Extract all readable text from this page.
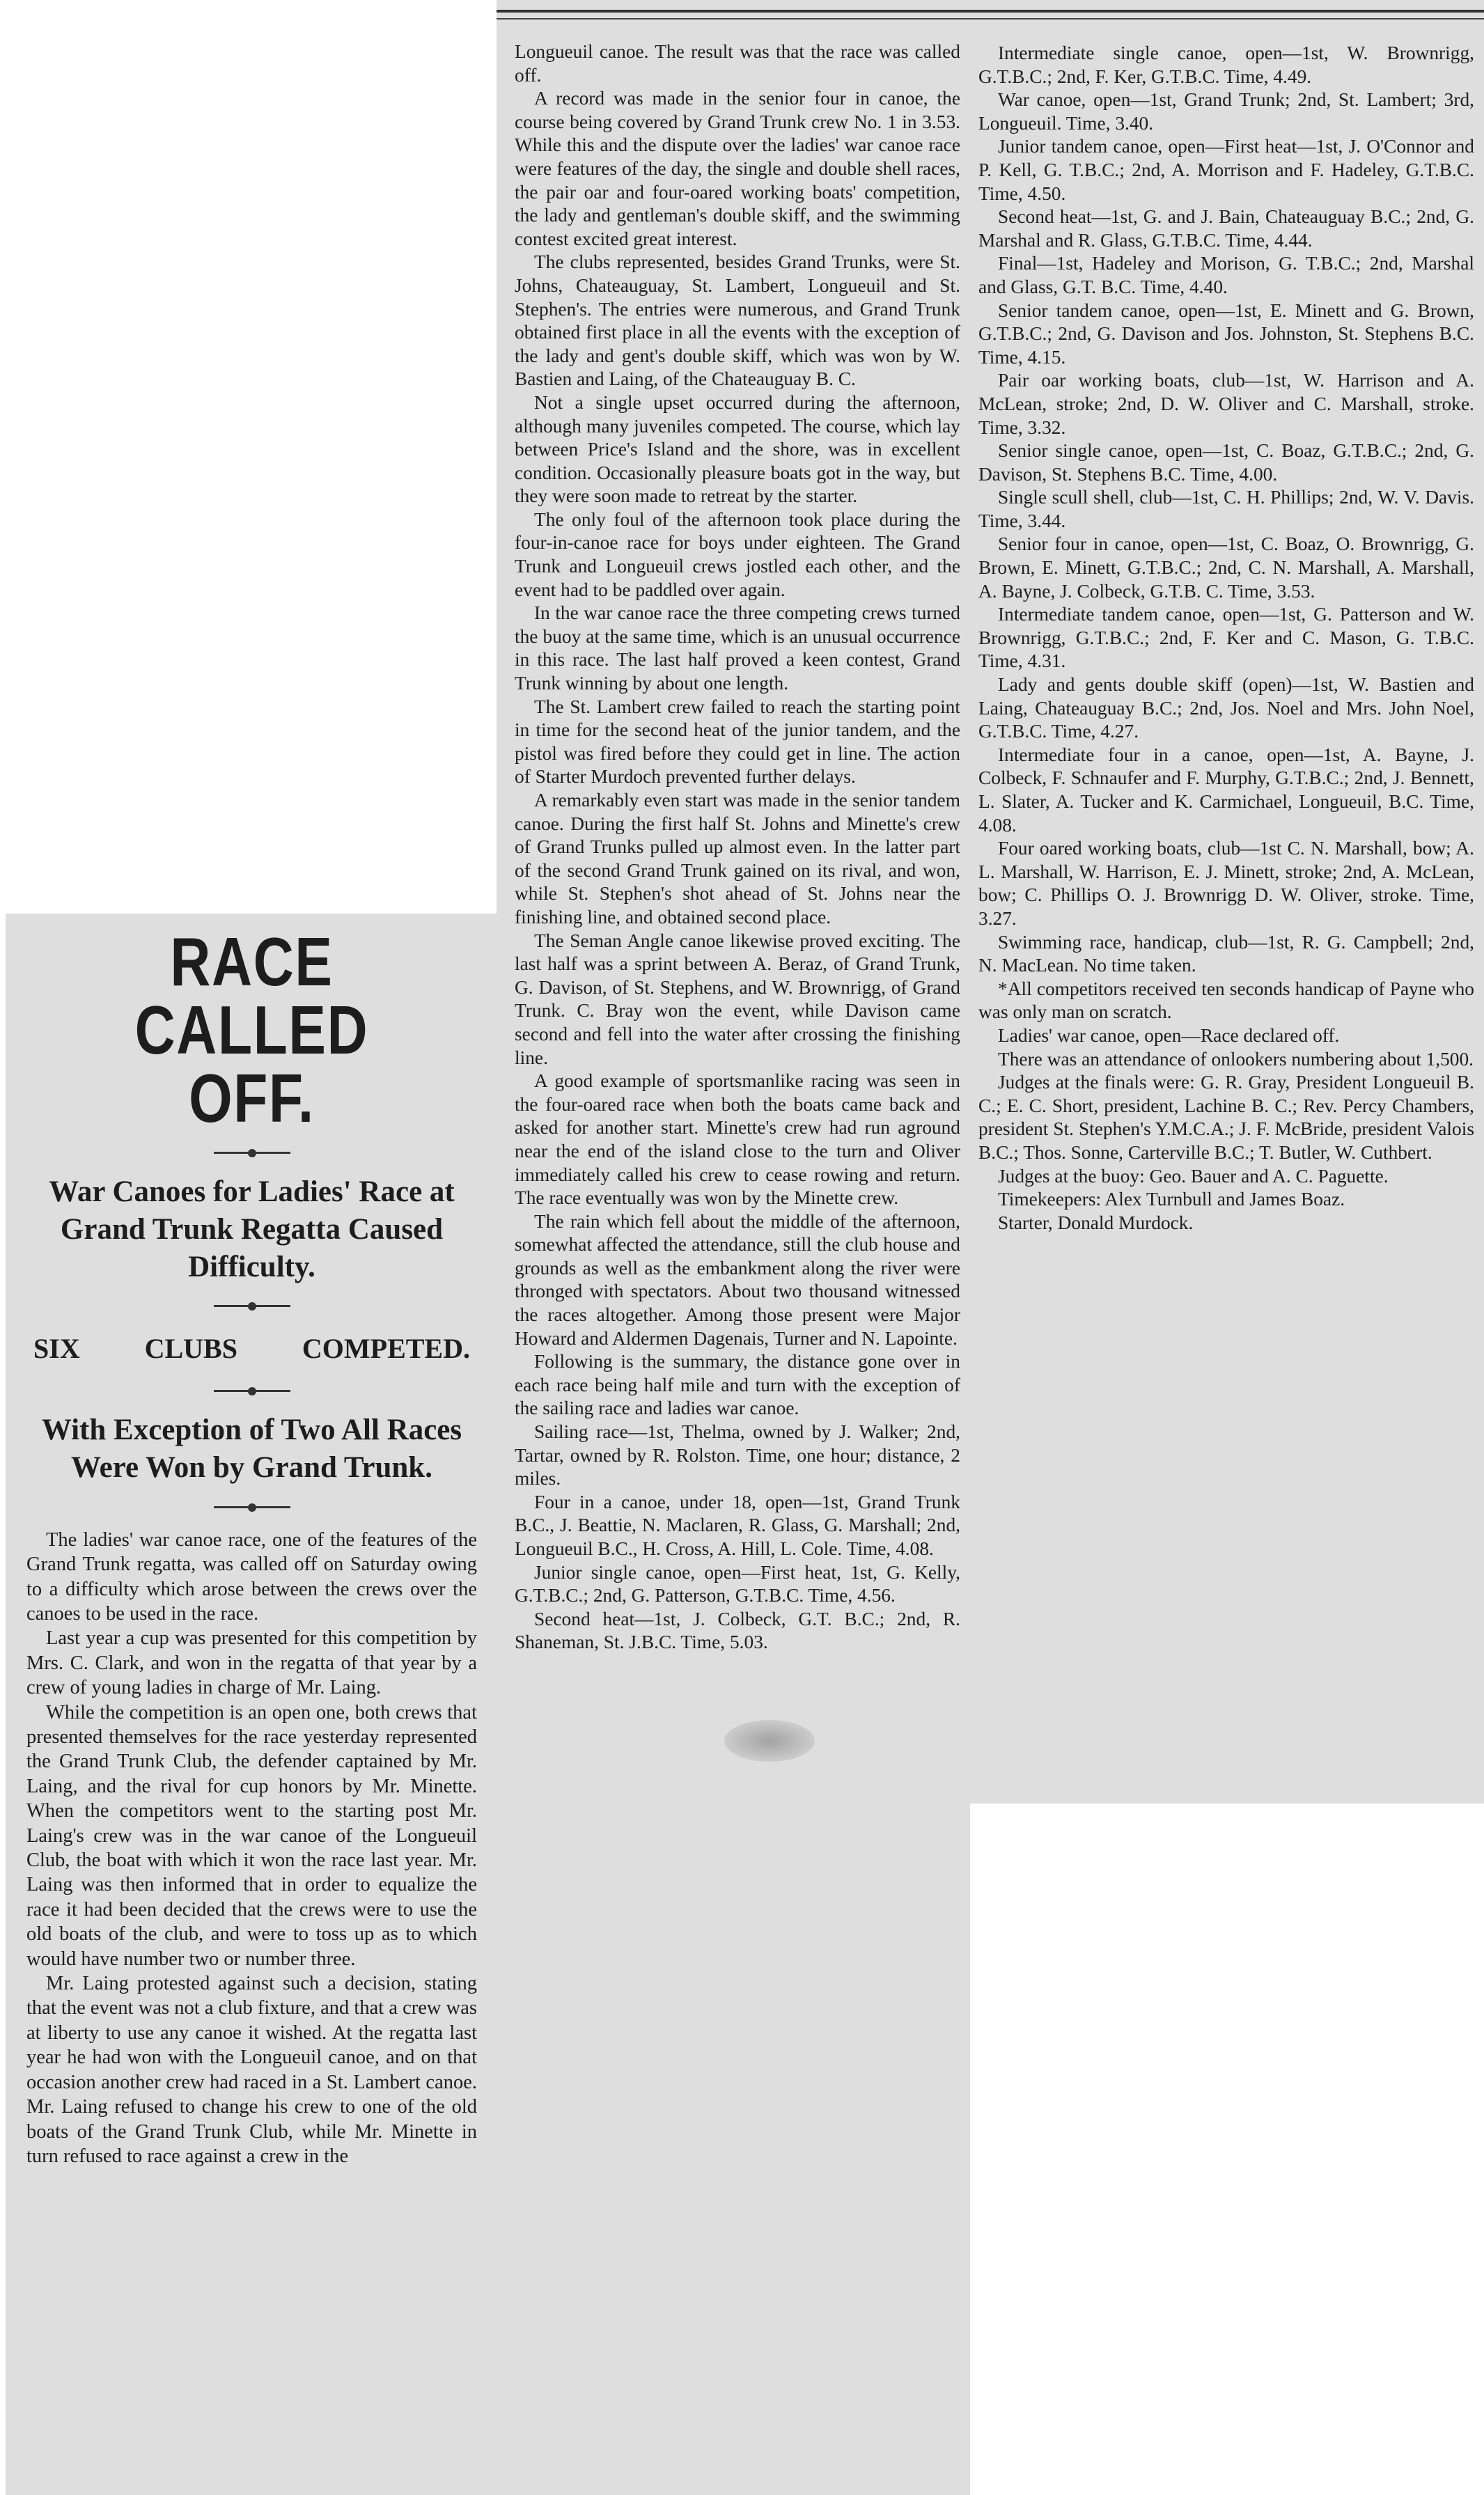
RACE CALLED OFF.
War Canoes for Ladies' Race at Grand Trunk Regatta Caused Difficulty.
SIX CLUBS COMPETED.
With Exception of Two All Races Were Won by Grand Trunk.

The ladies' war canoe race, one of the features of the Grand Trunk regatta, was called off on Saturday owing to a difficulty which arose between the crews over the canoes to be used in the race.

Last year a cup was presented for this competition by Mrs. C. Clark, and won in the regatta of that year by a crew of young ladies in charge of Mr. Laing.

While the competition is an open one, both crews that presented themselves for the race yesterday represented the Grand Trunk Club, the defender captained by Mr. Laing, and the rival for cup honors by Mr. Minette. When the competitors went to the starting post Mr. Laing's crew was in the war canoe of the Longueuil Club, the boat with which it won the race last year. Mr. Laing was then informed that in order to equalize the race it had been decided that the crews were to use the old boats of the club, and were to toss up as to which would have number two or number three.

Mr. Laing protested against such a decision, stating that the event was not a club fixture, and that a crew was at liberty to use any canoe it wished. At the regatta last year he had won with the Longueuil canoe, and on that occasion another crew had raced in a St. Lambert canoe. Mr. Laing refused to change his crew to one of the old boats of the Grand Trunk Club, while Mr. Minette in turn refused to race against a crew in the

Longueuil canoe. The result was that the race was called off.

A record was made in the senior four in canoe, the course being covered by Grand Trunk crew No. 1 in 3.53. While this and the dispute over the ladies' war canoe race were features of the day, the single and double shell races, the pair oar and four-oared working boats' competition, the lady and gentleman's double skiff, and the swimming contest excited great interest.

The clubs represented, besides Grand Trunks, were St. Johns, Chateauguay, St. Lambert, Longueuil and St. Stephen's. The entries were numerous, and Grand Trunk obtained first place in all the events with the exception of the lady and gent's double skiff, which was won by W. Bastien and Laing, of the Chateauguay B. C.

Not a single upset occurred during the afternoon, although many juveniles competed. The course, which lay between Price's Island and the shore, was in excellent condition. Occasionally pleasure boats got in the way, but they were soon made to retreat by the starter.

The only foul of the afternoon took place during the four-in-canoe race for boys under eighteen. The Grand Trunk and Longueuil crews jostled each other, and the event had to be paddled over again.

In the war canoe race the three competing crews turned the buoy at the same time, which is an unusual occurrence in this race. The last half proved a keen contest, Grand Trunk winning by about one length.

The St. Lambert crew failed to reach the starting point in time for the second heat of the junior tandem, and the pistol was fired before they could get in line. The action of Starter Murdoch prevented further delays.

A remarkably even start was made in the senior tandem canoe. During the first half St. Johns and Minette's crew of Grand Trunks pulled up almost even. In the latter part of the second Grand Trunk gained on its rival, and won, while St. Stephen's shot ahead of St. Johns near the finishing line, and obtained second place.

The Seman Angle canoe likewise proved exciting. The last half was a sprint between A. Beraz, of Grand Trunk, G. Davison, of St. Stephens, and W. Brownrigg, of Grand Trunk. C. Bray won the event, while Davison came second and fell into the water after crossing the finishing line.

A good example of sportsmanlike racing was seen in the four-oared race when both the boats came back and asked for another start. Minette's crew had run aground near the end of the island close to the turn and Oliver immediately called his crew to cease rowing and return. The race eventually was won by the Minette crew.

The rain which fell about the middle of the afternoon, somewhat affected the attendance, still the club house and grounds as well as the embankment along the river were thronged with spectators. About two thousand witnessed the races altogether. Among those present were Major Howard and Aldermen Dagenais, Turner and N. Lapointe.

Following is the summary, the distance gone over in each race being half mile and turn with the exception of the sailing race and ladies war canoe.

Sailing race—1st, Thelma, owned by J. Walker; 2nd, Tartar, owned by R. Rolston. Time, one hour; distance, 2 miles.

Four in a canoe, under 18, open—1st, Grand Trunk B.C., J. Beattie, N. Maclaren, R. Glass, G. Marshall; 2nd, Longueuil B.C., H. Cross, A. Hill, L. Cole. Time, 4.08.

Junior single canoe, open—First heat, 1st, G. Kelly, G.T.B.C.; 2nd, G. Patterson, G.T.B.C. Time, 4.56.

Second heat—1st, J. Colbeck, G.T. B.C.; 2nd, R. Shaneman, St. J.B.C. Time, 5.03.

Intermediate single canoe, open—1st, W. Brownrigg, G.T.B.C.; 2nd, F. Ker, G.T.B.C. Time, 4.49.

War canoe, open—1st, Grand Trunk; 2nd, St. Lambert; 3rd, Longueuil. Time, 3.40.

Junior tandem canoe, open—First heat—1st, J. O'Connor and P. Kell, G. T.B.C.; 2nd, A. Morrison and F. Hadeley, G.T.B.C. Time, 4.50.

Second heat—1st, G. and J. Bain, Chateauguay B.C.; 2nd, G. Marshal and R. Glass, G.T.B.C. Time, 4.44.

Final—1st, Hadeley and Morison, G. T.B.C.; 2nd, Marshal and Glass, G.T. B.C. Time, 4.40.

Senior tandem canoe, open—1st, E. Minett and G. Brown, G.T.B.C.; 2nd, G. Davison and Jos. Johnston, St. Stephens B.C. Time, 4.15.

Pair oar working boats, club—1st, W. Harrison and A. McLean, stroke; 2nd, D. W. Oliver and C. Marshall, stroke. Time, 3.32.

Senior single canoe, open—1st, C. Boaz, G.T.B.C.; 2nd, G. Davison, St. Stephens B.C. Time, 4.00.

Single scull shell, club—1st, C. H. Phillips; 2nd, W. V. Davis. Time, 3.44.

Senior four in canoe, open—1st, C. Boaz, O. Brownrigg, G. Brown, E. Minett, G.T.B.C.; 2nd, C. N. Marshall, A. Marshall, A. Bayne, J. Colbeck, G.T.B. C. Time, 3.53.

Intermediate tandem canoe, open—1st, G. Patterson and W. Brownrigg, G.T.B.C.; 2nd, F. Ker and C. Mason, G. T.B.C. Time, 4.31.

Lady and gents double skiff (open)—1st, W. Bastien and Laing, Chateauguay B.C.; 2nd, Jos. Noel and Mrs. John Noel, G.T.B.C. Time, 4.27.

Intermediate four in a canoe, open—1st, A. Bayne, J. Colbeck, F. Schnaufer and F. Murphy, G.T.B.C.; 2nd, J. Bennett, L. Slater, A. Tucker and K. Carmichael, Longueuil, B.C. Time, 4.08.

Four oared working boats, club—1st C. N. Marshall, bow; A. L. Marshall, W. Harrison, E. J. Minett, stroke; 2nd, A. McLean, bow; C. Phillips O. J. Brownrigg D. W. Oliver, stroke. Time, 3.27.

Swimming race, handicap, club—1st, R. G. Campbell; 2nd, N. MacLean. No time taken.

*All competitors received ten seconds handicap of Payne who was only man on scratch.

Ladies' war canoe, open—Race declared off.

There was an attendance of onlookers numbering about 1,500.

Judges at the finals were: G. R. Gray, President Longueuil B. C.; E. C. Short, president, Lachine B. C.; Rev. Percy Chambers, president St. Stephen's Y.M.C.A.; J. F. McBride, president Valois B.C.; Thos. Sonne, Carterville B.C.; T. Butler, W. Cuthbert.

Judges at the buoy: Geo. Bauer and A. C. Paguette.

Timekeepers: Alex Turnbull and James Boaz.

Starter, Donald Murdock.
